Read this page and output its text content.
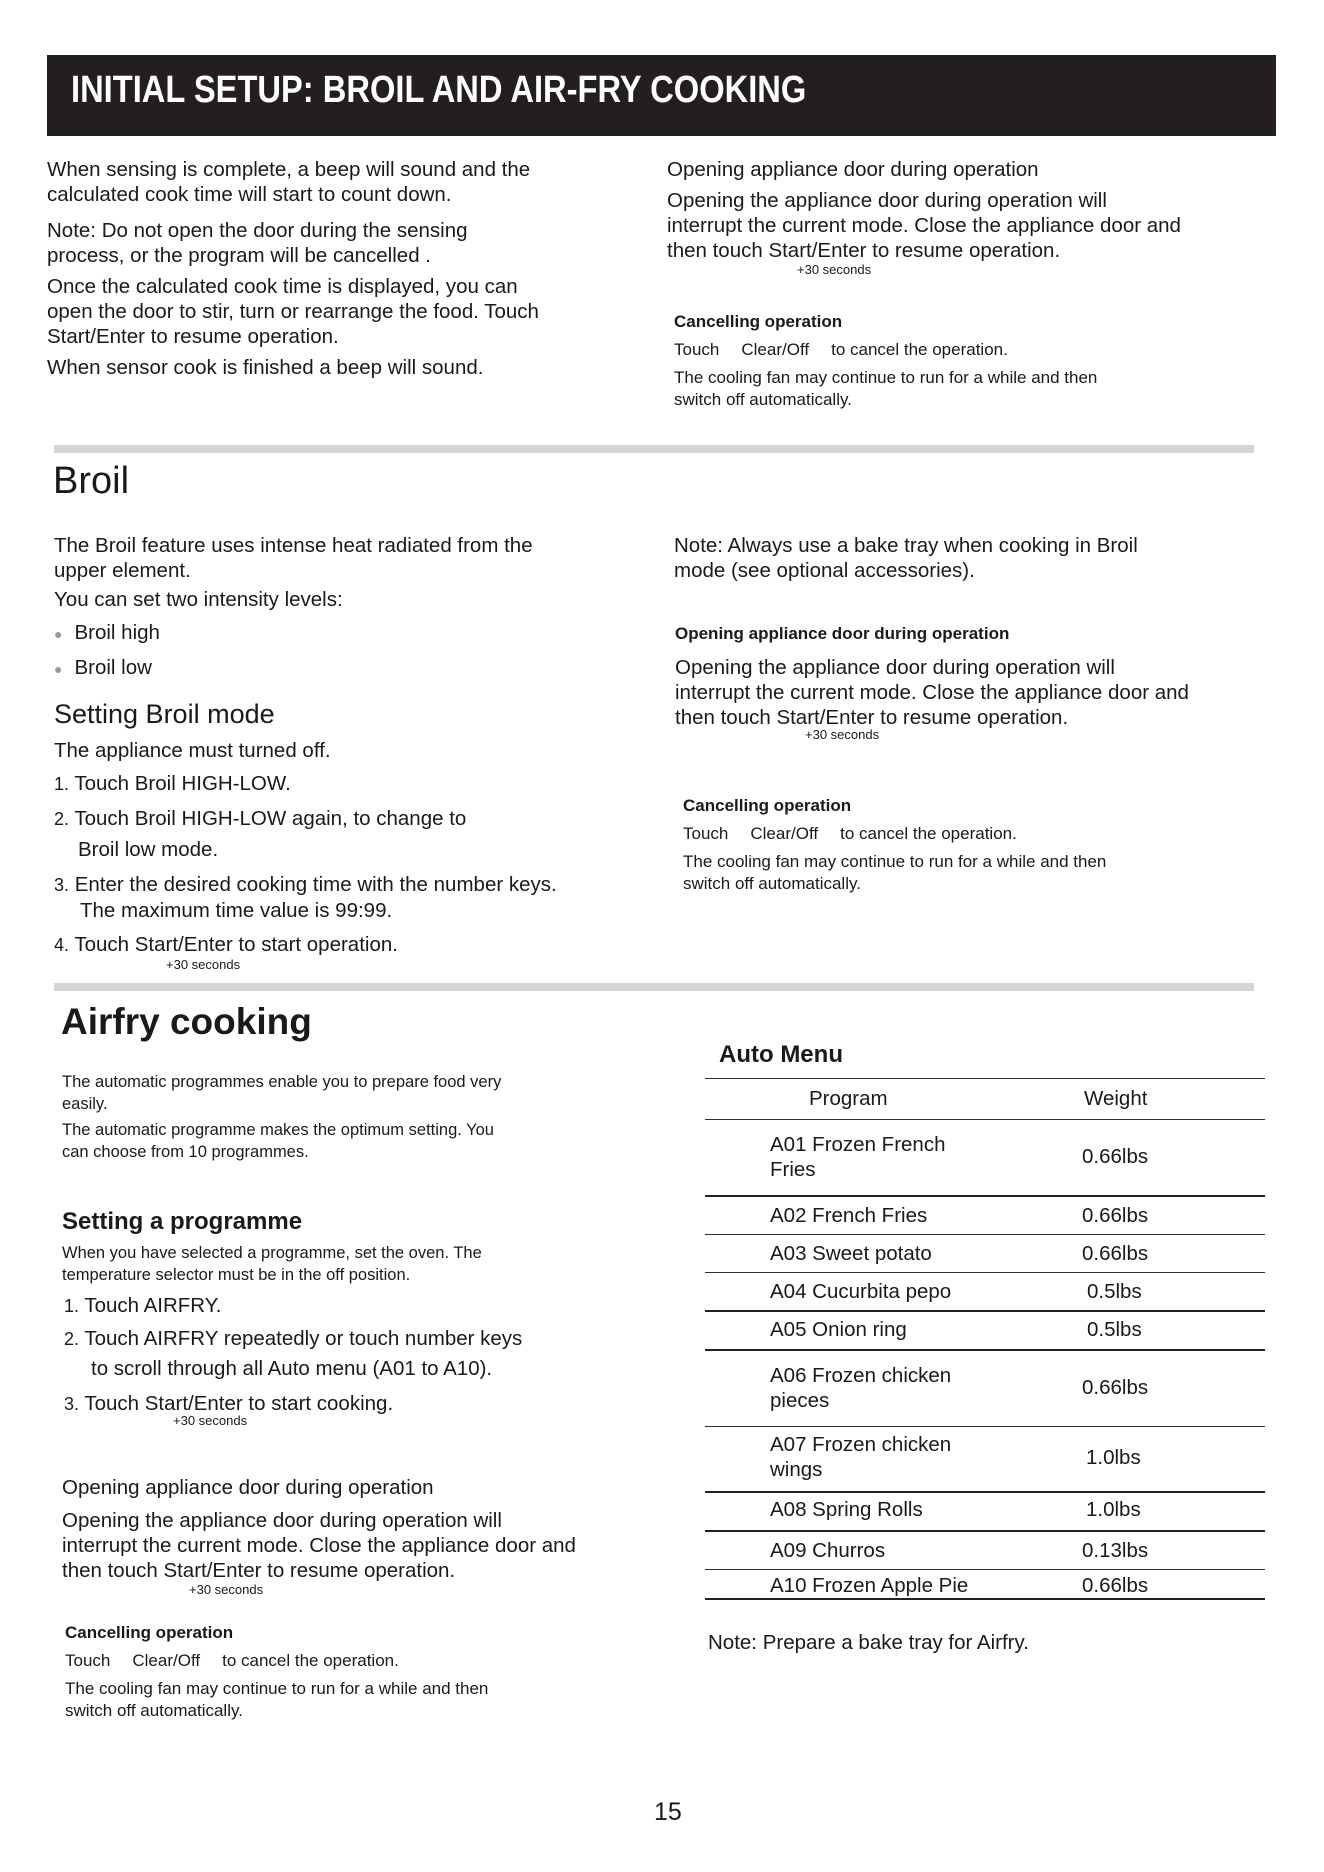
INITIAL SETUP: BROIL AND AIR-FRY COOKING
When sensing is complete, a beep will sound and the
calculated cook time will start to count down.
Note: Do not open the door during the sensing
process, or the program will be cancelled .
Once the calculated cook time is displayed, you can
open the door to stir, turn or rearrange the food. Touch
Start/Enter to resume operation.
When sensor cook is finished a beep will sound.
Opening appliance door during operation
Opening the appliance door during operation will
interrupt the current mode. Close the appliance door and
then touch Start/Enter to resume operation.
+30 seconds
Cancelling operation
Touch Clear/Off to cancel the operation.
The cooling fan may continue to run for a while and then
switch off automatically.
Broil
The Broil feature uses intense heat radiated from the
upper element.
You can set two intensity levels:
● Broil high
● Broil low
Setting Broil mode
The appliance must turned off.
1. Touch Broil HIGH-LOW.
2. Touch Broil HIGH-LOW again, to change to
Broil low mode.
3. Enter the desired cooking time with the number keys.
The maximum time value is 99:99.
4. Touch Start/Enter to start operation.
+30 seconds
Note: Always use a bake tray when cooking in Broil
mode (see optional accessories).
Opening appliance door during operation
Opening the appliance door during operation will
interrupt the current mode. Close the appliance door and
then touch Start/Enter to resume operation.
+30 seconds
Cancelling operation
Touch Clear/Off to cancel the operation.
The cooling fan may continue to run for a while and then
switch off automatically.
Airfry cooking
The automatic programmes enable you to prepare food very
easily.
The automatic programme makes the optimum setting. You
can choose from 10 programmes.
Setting a programme
When you have selected a programme, set the oven. The
temperature selector must be in the off position.
1. Touch AIRFRY.
2. Touch AIRFRY repeatedly or touch number keys
to scroll through all Auto menu (A01 to A10).
3. Touch Start/Enter to start cooking.
+30 seconds
Opening appliance door during operation
Opening the appliance door during operation will
interrupt the current mode. Close the appliance door and
then touch Start/Enter to resume operation.
+30 seconds
Cancelling operation
Touch Clear/Off to cancel the operation.
The cooling fan may continue to run for a while and then
switch off automatically.
Auto Menu
Program	Weight
A01 Frozen French
Fries
0.66lbs
A02 French Fries	0.66lbs
A03 Sweet potato	0.66lbs
A04 Cucurbita pepo	0.5lbs
A05 Onion ring	0.5lbs
A06 Frozen chicken
pieces
0.66lbs
A07 Frozen chicken
wings
1.0lbs
A08 Spring Rolls	1.0lbs
A09 Churros	0.13lbs
A10 Frozen Apple Pie	0.66lbs
Note: Prepare a bake tray for Airfry.
15
